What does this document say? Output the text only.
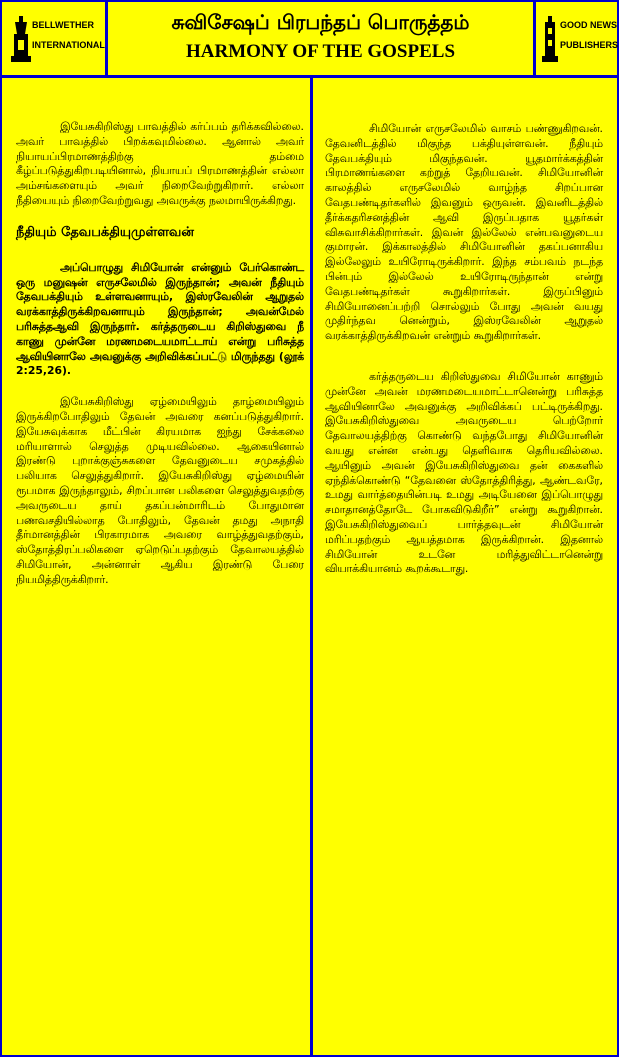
BELLWETHER
INTERNATIONAL
சுவிசேஷப் பிரபந்தப் பொருத்தம்
HARMONY OF THE GOSPELS
GOOD NEWS
PUBLISHERS

இயேசுகிறிஸ்து பாவத்தில் கர்ப்பம் தரிக்கவில்லை. அவர் பாவத்தில் பிறக்கவுமில்லை. ஆனால் அவர் நியாயப்பிரமாணத்திற்கு தம்மை கீழ்ப்படுத்துகிறபடியினால், நியாயப் பிரமாணத்தின் எல்லா அம்சங்களையும் அவர் நிறைவேற்றுகிறார். எல்லா நீதியையும் நிறைவேற்றுவது அவருக்கு நலமாயிருக்கிறது.

நீதியும் தேவபக்தியுமுள்ளவன்

அப்பொழுது சிமியோன் என்னும் பேர்கொண்ட ஒரு மனுஷன் எருசலேமில் இருந்தான்; அவன் நீதியும் தேவபக்தியும் உள்ளவனாயும், இஸ்ரவேலின் ஆறுதல் வரக்காத்திருக்கிறவனாயும் இருந்தான்; அவன்மேல் பரிசுத்தஆவி இருந்தார். கர்த்தருடைய கிறிஸ்துவை நீ காணு முன்னே மரணமடையமாட்டாய் என்று பரிசுத்த ஆவியினாலே அவனுக்கு அறிவிக்கப்பட்டு மிருந்தது (லூக் 2:25,26).

இயேசுகிறிஸ்து ஏழ்மையிலும் தாழ்மையிலும் இருக்கிறபோதிலும் தேவன் அவரை கனப்படுத்துகிறார். இயேசுவுக்காக மீட்பின் கிரயமாக ஐந்து சேக்கலை மரியாளால் செலுத்த முடியவில்லை. ஆகையினால் இரண்டு புறாக்குஞ்சுகளை தேவனுடைய சமுகத்தில் பலியாக செலுத்துகிறார். இயேசுகிறிஸ்து ஏழ்மையின் ரூபமாக இருந்தாலும், சிறப்பான பலிகளை செலுத்துவதற்கு அவருடைய தாய் தகப்பன்மாரிடம் போதுமான பணவசதியில்லாத போதிலும், தேவன் தமது அநாதி தீர்மானத்தின் பிரகாரமாக அவரை வாழ்த்துவதற்கும், ஸ்தோத்திரப்பலிகளை ஏறெடுப்பதற்கும் தேவாலயத்தில் சிமியோன், அன்னாள் ஆகிய இரண்டு பேரை நியமித்திருக்கிறார்.

சிமியோன் எருசலேமில் வாசம் பண்ணுகிறவன். தேவனிடத்தில் மிகுந்த பக்தியுள்ளவன். நீதியும் தேவபக்தியும் மிகுந்தவன். யூதமார்க்கத்தின் பிரமாணங்களை கற்றுத் தேறியவன். சிமியோனின் காலத்தில் எருசலேமில் வாழ்ந்த சிறப்பான வேதபண்டிதர்களில் இவனும் ஒருவன். இவனிடத்தில் தீர்க்கதரிசனத்தின் ஆவி இருப்பதாக யூதர்கள் விசுவாசிக்கிறார்கள். இவன் இல்லேல் என்பவனுடைய குமாரன். இக்காலத்தில் சிமியோனின் தகப்பனாகிய இல்லேலும் உயிரோடிருக்கிறார். இந்த சம்பவம் நடந்த பின்பும் இல்லேல் உயிரோடிருந்தான் என்று வேதபண்டிதர்கள் கூறுகிறார்கள். இருப்பினும் சிமியோனைப்பற்றி சொல்லும் போது அவன் வயது முதிர்ந்தவ னென்றும், இஸ்ரவேலின் ஆறுதல் வரக்காத்திருக்கிறவன் என்றும் கூறுகிறார்கள்.

கர்த்தருடைய கிறிஸ்துவை சிமியோன் காணும் முன்னே அவன் மரணமடையமாட்டானென்று பரிசுத்த ஆவியினாலே அவனுக்கு அறிவிக்கப் பட்டிருக்கிறது. இயேசுகிறிஸ்துவை அவருடைய பெற்றோர் தேவாலயத்திற்கு கொண்டு வந்தபோது சிமியோனின் வயது என்ன என்பது தெளிவாக தெரியவில்லை. ஆயினும் அவன் இயேசுகிறிஸ்துவை தன் கைகளில் ஏந்திக்கொண்டு “தேவனை ஸ்தோத்திரித்து, ஆண்டவரே, உமது வார்த்தையின்படி உமது அடியேனை இப்பொழுது சமாதானத்தோடே போகவிடுகிறீர்” என்று கூறுகிறான். இயேசுகிறிஸ்துவைப் பார்த்தவுடன் சிமியோன் மரிப்பதற்கும் ஆயத்தமாக இருக்கிறான். இதனால் சிமியோன் உடனே மரித்துவிட்டானென்று வியாக்கியானம் கூறக்கூடாது.
